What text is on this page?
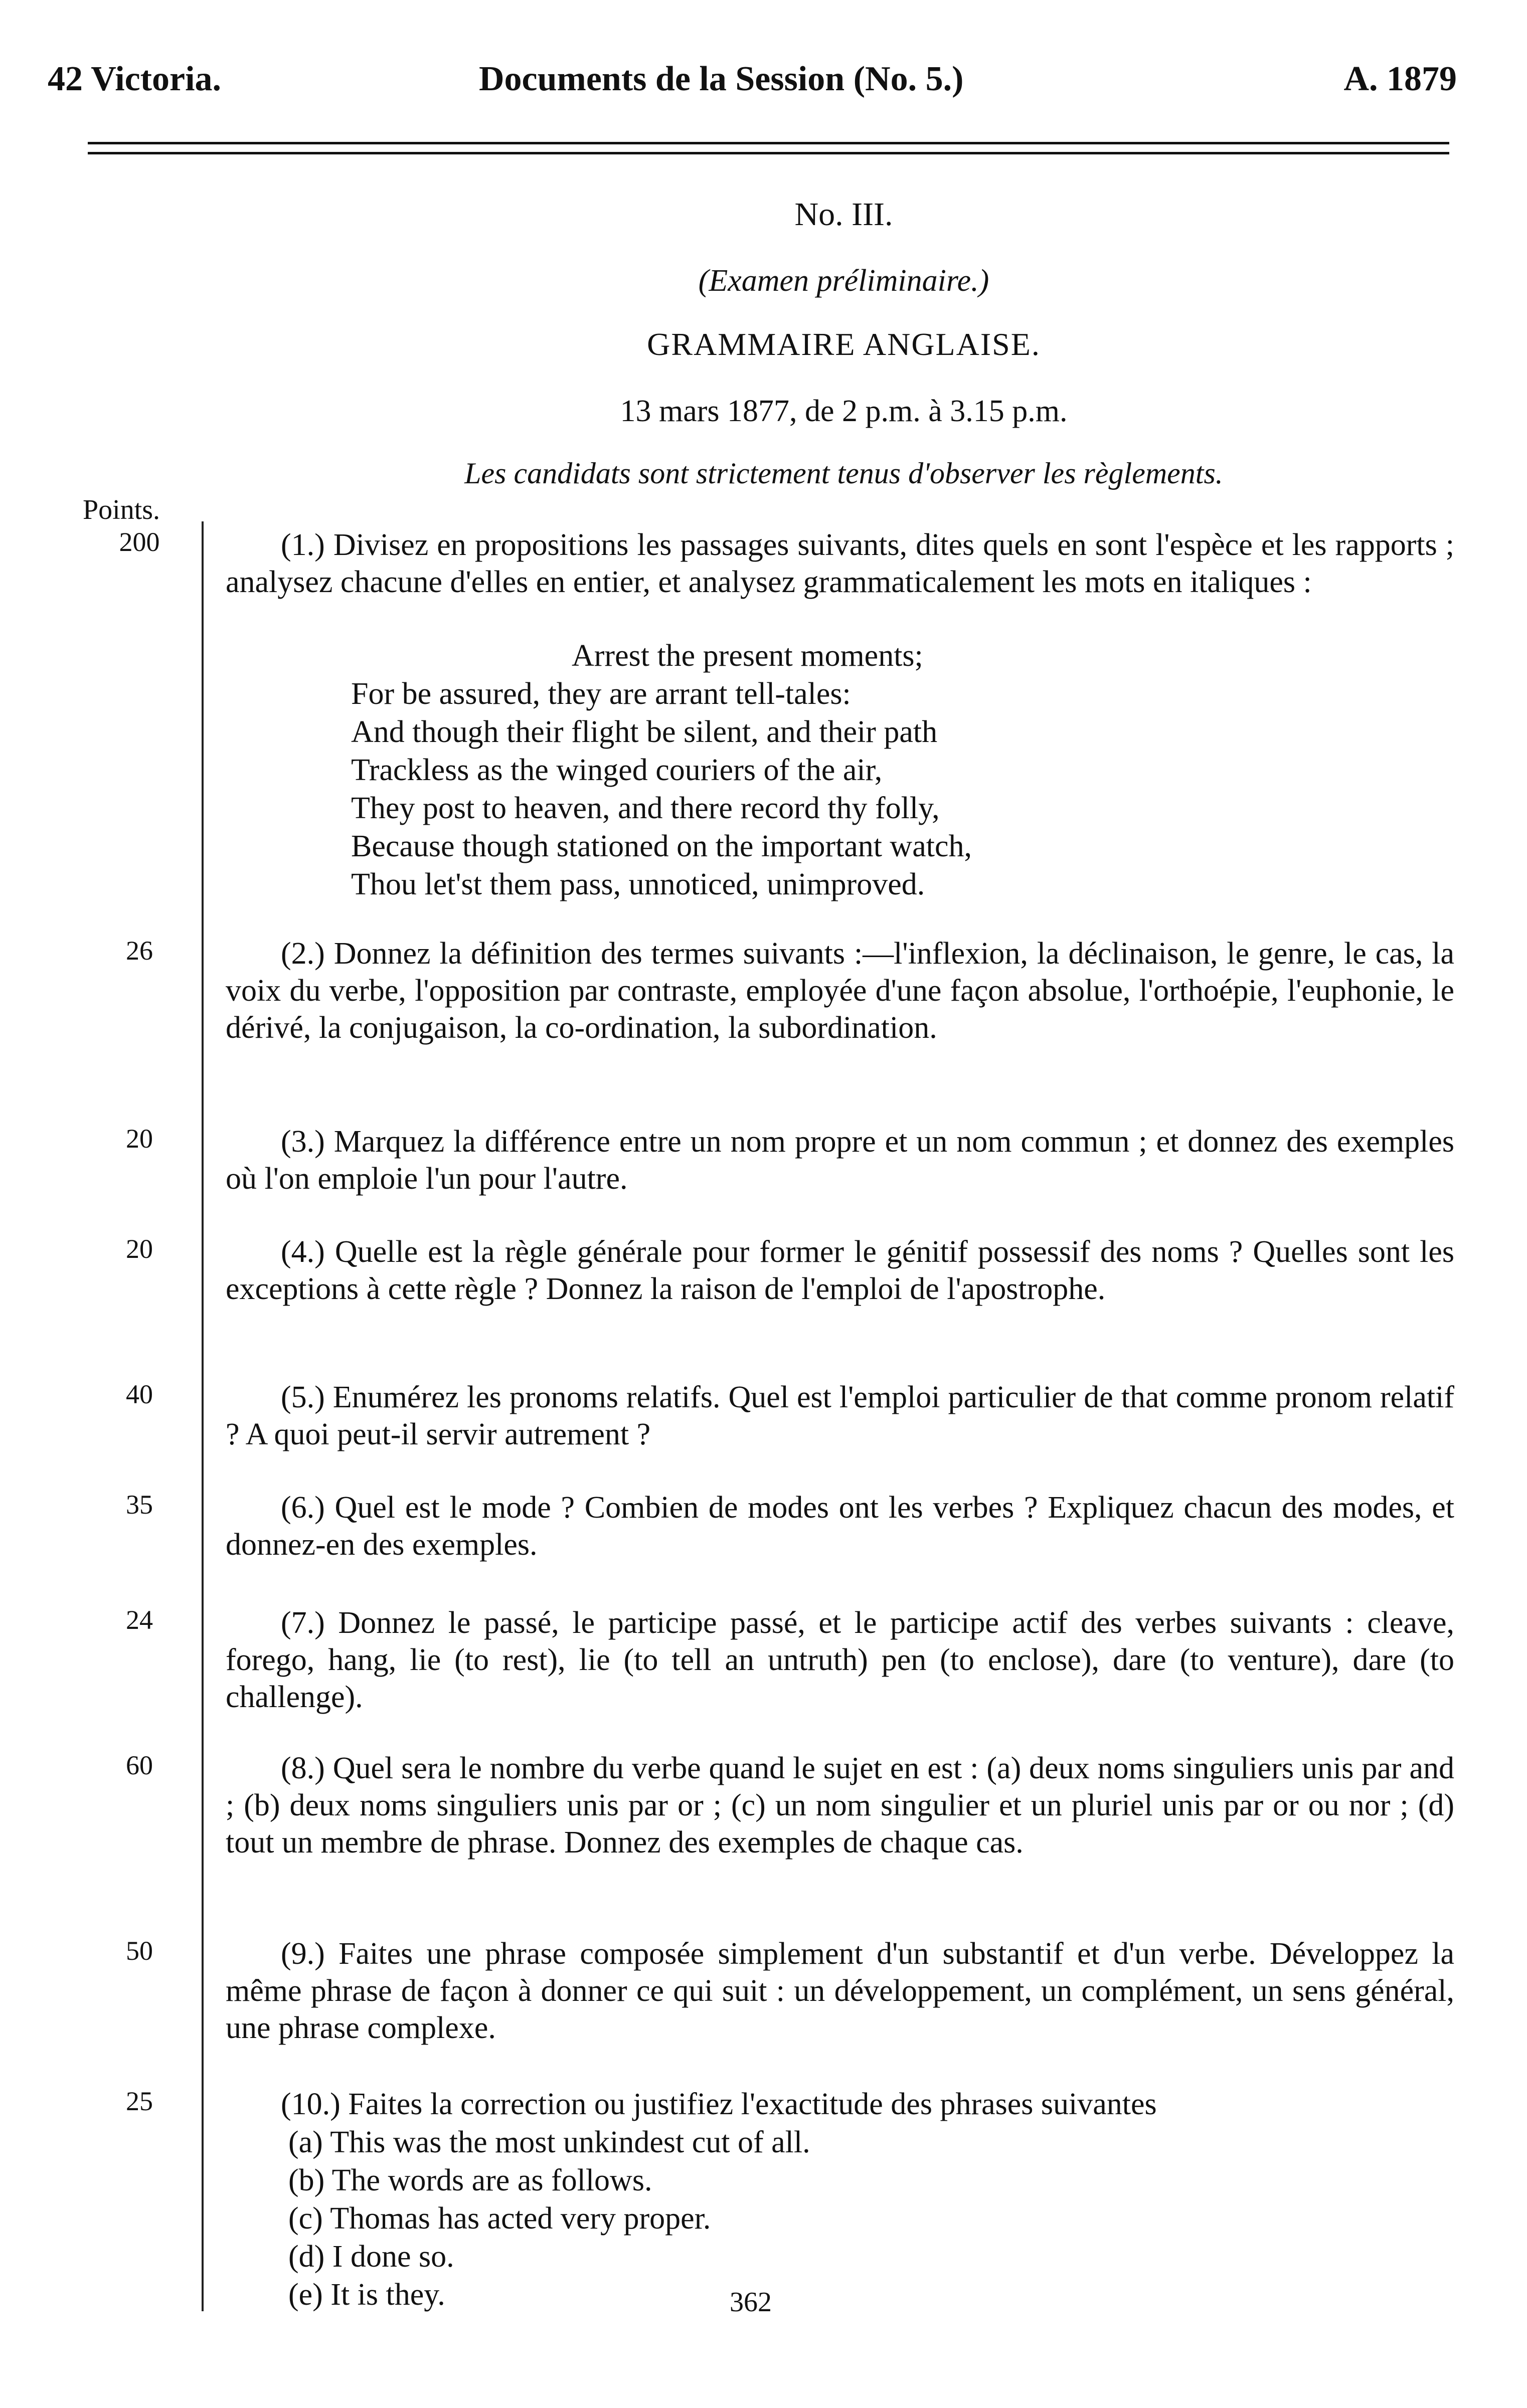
42 Victoria.	Documents de la Session (No. 5.)	A. 1879
No. III.
(Examen préliminaire.)
GRAMMAIRE ANGLAISE.
13 mars 1877, de 2 p.m. à 3.15 p.m.
Les candidats sont strictement tenus d'observer les règlements.
Points.
200	(1.) Divisez en propositions les passages suivants, dites quels en sont l'espèce et les rapports ; analysez chacune d'elles en entier, et analysez grammaticalement les mots en italiques :
Arrest the present moments;
For be assured, they are arrant tell-tales:
And though their flight be silent, and their path
Trackless as the winged couriers of the air,
They post to heaven, and there record thy folly,
Because though stationed on the important watch,
Thou let'st them pass, unnoticed, unimproved.
26	(2.) Donnez la définition des termes suivants :—l'inflexion, la déclinaison, le genre, le cas, la voix du verbe, l'opposition par contraste, employée d'une façon absolue, l'orthoépie, l'euphonie, le dérivé, la conjugaison, la co-ordination, la subordination.
20	(3.) Marquez la différence entre un nom propre et un nom commun ; et donnez des exemples où l'on emploie l'un pour l'autre.
20	(4.) Quelle est la règle générale pour former le génitif possessif des noms ? Quelles sont les exceptions à cette règle ? Donnez la raison de l'emploi de l'apostrophe.
40	(5.) Enumérez les pronoms relatifs. Quel est l'emploi particulier de that comme pronom relatif ? A quoi peut-il servir autrement ?
35	(6.) Quel est le mode ? Combien de modes ont les verbes ? Expliquez chacun des modes, et donnez-en des exemples.
24	(7.) Donnez le passé, le participe passé, et le participe actif des verbes suivants : cleave, forego, hang, lie (to rest), lie (to tell an untruth) pen (to enclose), dare (to venture), dare (to challenge).
60	(8.) Quel sera le nombre du verbe quand le sujet en est : (a) deux noms singuliers unis par and ; (b) deux noms singuliers unis par or ; (c) un nom singulier et un pluriel unis par or ou nor ; (d) tout un membre de phrase. Donnez des exemples de chaque cas.
50	(9.) Faites une phrase composée simplement d'un substantif et d'un verbe. Développez la même phrase de façon à donner ce qui suit : un développement, un complément, un sens général, une phrase complexe.
25	(10.) Faites la correction ou justifiez l'exactitude des phrases suivantes
(a) This was the most unkindest cut of all.
(b) The words are as follows.
(c) Thomas has acted very proper.
(d) I done so.
(e) It is they.	362
